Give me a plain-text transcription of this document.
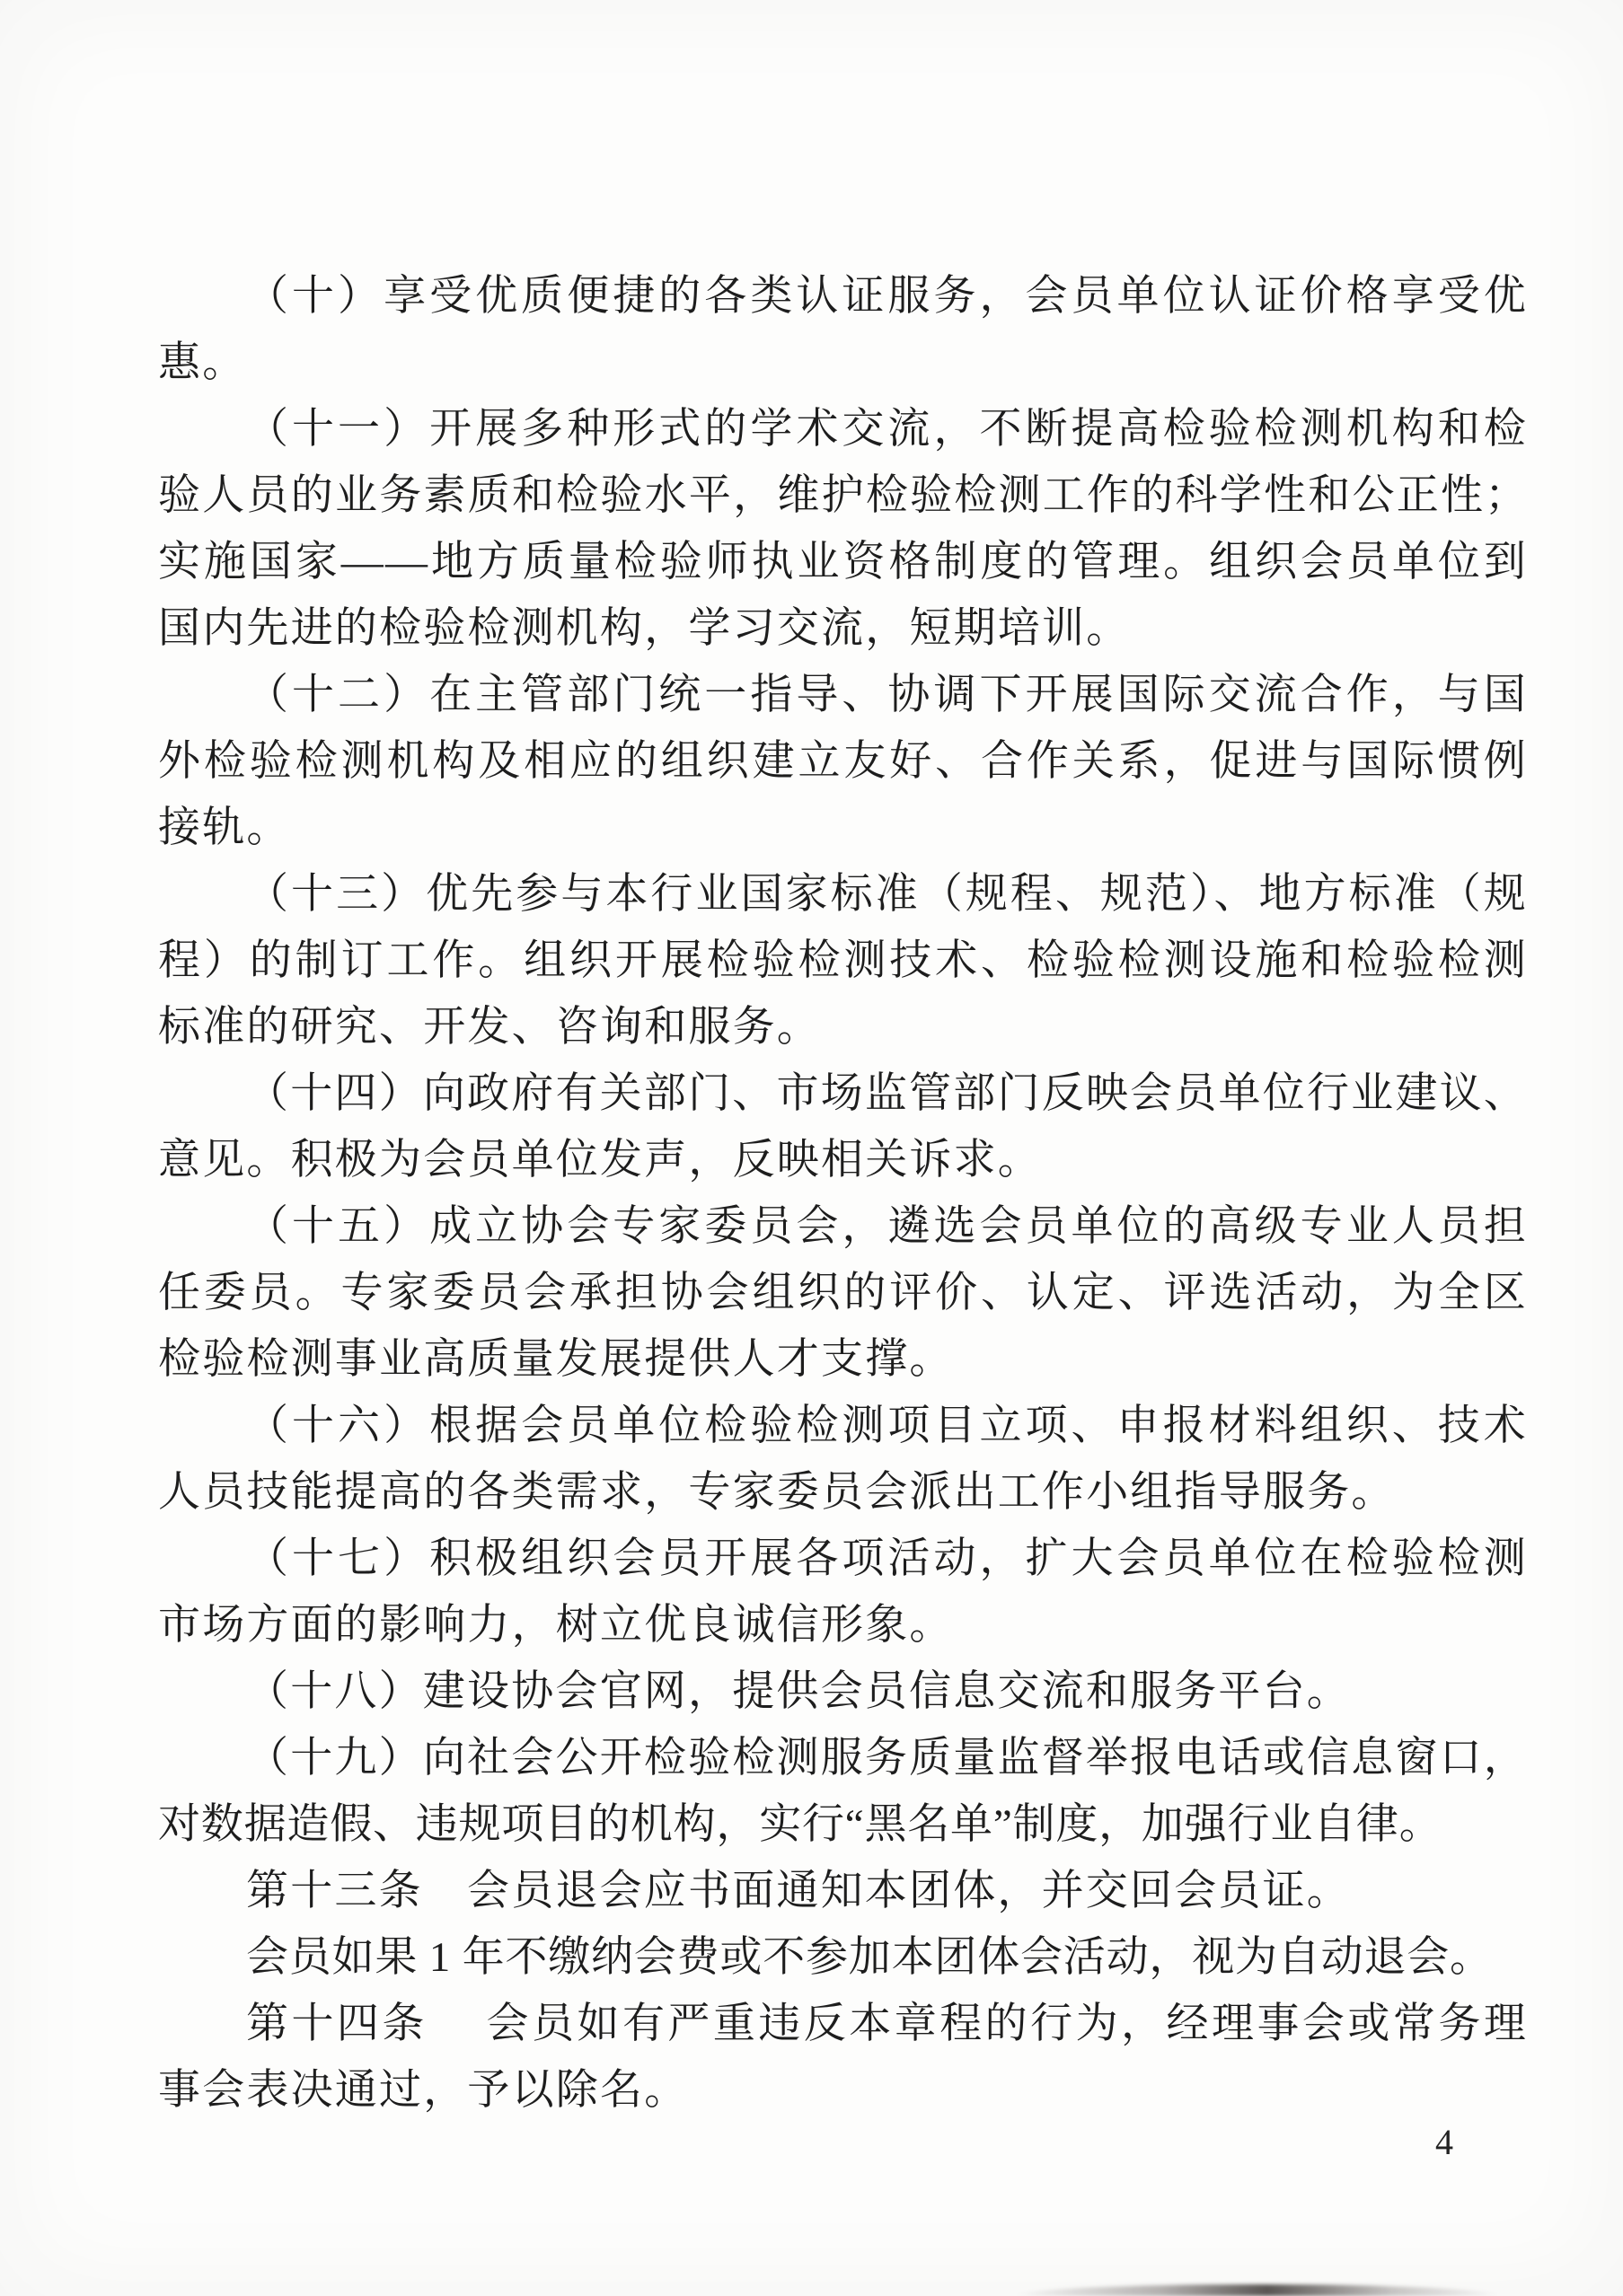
（十）享受优质便捷的各类认证服务，会员单位认证价格享受优
惠。
（十一）开展多种形式的学术交流，不断提高检验检测机构和检
验人员的业务素质和检验水平，维护检验检测工作的科学性和公正性；
实施国家——地方质量检验师执业资格制度的管理。组织会员单位到
国内先进的检验检测机构，学习交流，短期培训。
（十二）在主管部门统一指导、协调下开展国际交流合作，与国
外检验检测机构及相应的组织建立友好、合作关系，促进与国际惯例
接轨。
（十三）优先参与本行业国家标准（规程、规范）、地方标准（规
程）的制订工作。组织开展检验检测技术、检验检测设施和检验检测
标准的研究、开发、咨询和服务。
（十四）向政府有关部门、市场监管部门反映会员单位行业建议、
意见。积极为会员单位发声，反映相关诉求。
（十五）成立协会专家委员会，遴选会员单位的高级专业人员担
任委员。专家委员会承担协会组织的评价、认定、评选活动，为全区
检验检测事业高质量发展提供人才支撑。
（十六）根据会员单位检验检测项目立项、申报材料组织、技术
人员技能提高的各类需求，专家委员会派出工作小组指导服务。
（十七）积极组织会员开展各项活动，扩大会员单位在检验检测
市场方面的影响力，树立优良诚信形象。
（十八）建设协会官网，提供会员信息交流和服务平台。
（十九）向社会公开检验检测服务质量监督举报电话或信息窗口，
对数据造假、违规项目的机构，实行“黑名单”制度，加强行业自律。
第十三条　会员退会应书面通知本团体，并交回会员证。
会员如果 1 年不缴纳会费或不参加本团体会活动，视为自动退会。
第十四条　 会员如有严重违反本章程的行为，经理事会或常务理
事会表决通过，予以除名。
4
